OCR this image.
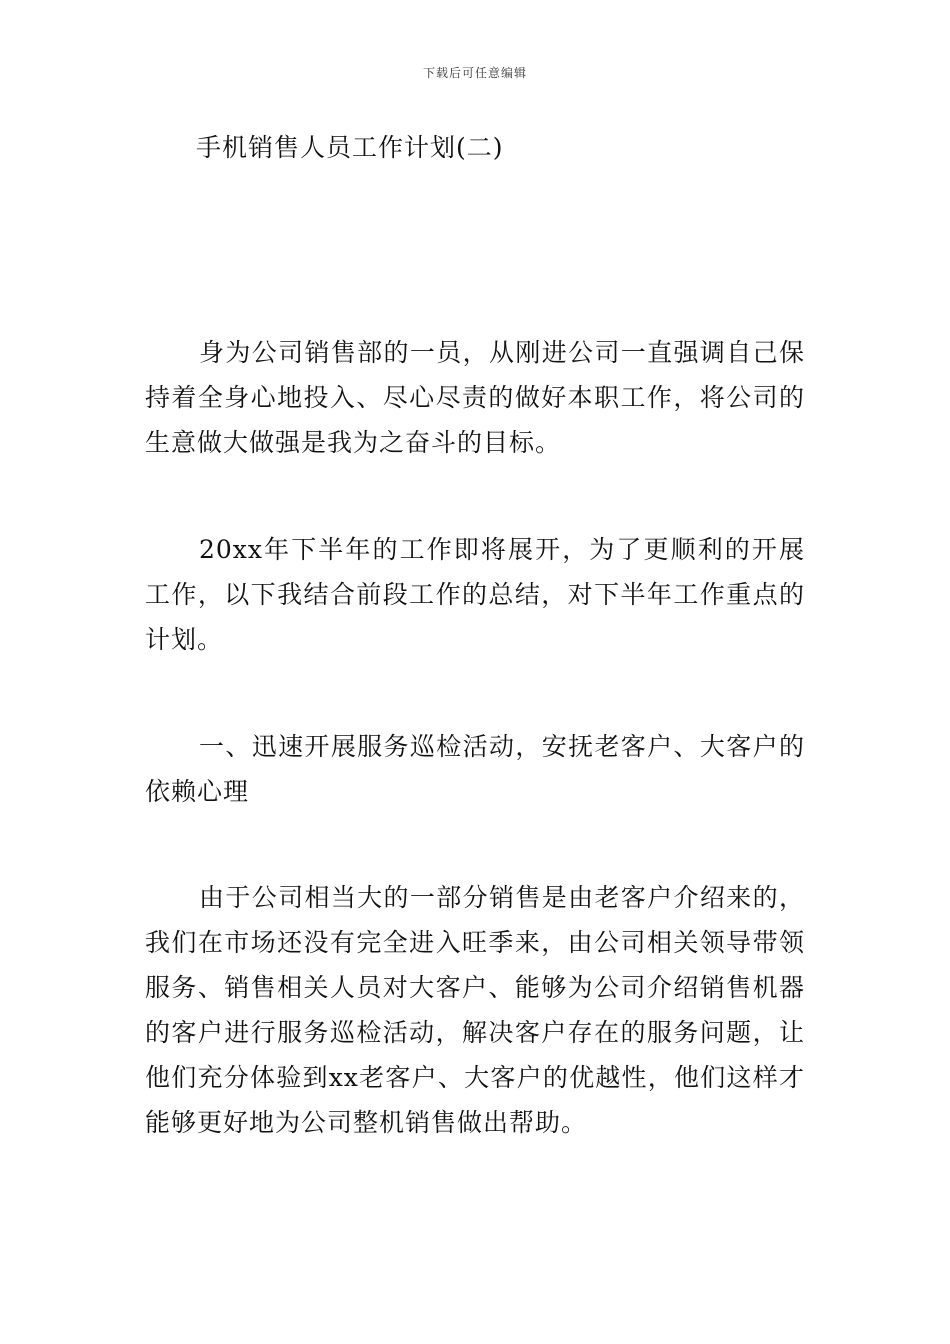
下载后可任意编辑
手机销售人员工作计划(二)

身为公司销售部的一员，从刚进公司一直强调自己保持着全身心地投入、尽心尽责的做好本职工作，将公司的生意做大做强是我为之奋斗的目标。

20xx年下半年的工作即将展开，为了更顺利的开展工作，以下我结合前段工作的总结，对下半年工作重点的计划。

一、迅速开展服务巡检活动，安抚老客户、大客户的依赖心理

由于公司相当大的一部分销售是由老客户介绍来的，我们在市场还没有完全进入旺季来，由公司相关领导带领服务、销售相关人员对大客户、能够为公司介绍销售机器的客户进行服务巡检活动，解决客户存在的服务问题，让他们充分体验到xx老客户、大客户的优越性，他们这样才能够更好地为公司整机销售做出帮助。
